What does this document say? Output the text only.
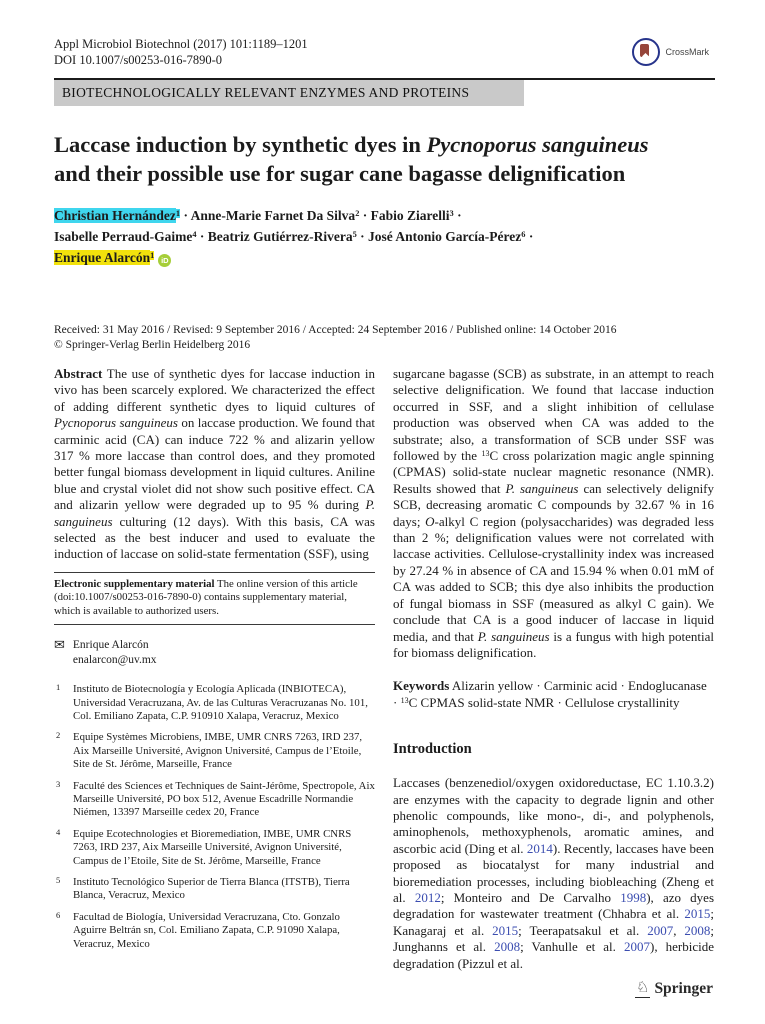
Appl Microbiol Biotechnol (2017) 101:1189–1201
DOI 10.1007/s00253-016-7890-0
CrossMark
BIOTECHNOLOGICALLY RELEVANT ENZYMES AND PROTEINS
Laccase induction by synthetic dyes in Pycnoporus sanguineus
and their possible use for sugar cane bagasse delignification
Christian Hernández$^1$ · Anne-Marie Farnet Da Silva$^2$ · Fabio Ziarelli$^3$ ·
Isabelle Perraud-Gaime$^4$ · Beatriz Gutiérrez-Rivera$^5$ · José Antonio García-Pérez$^6$ ·
Enrique Alarcón$^1$iD
Received: 31 May 2016 / Revised: 9 September 2016 / Accepted: 24 September 2016 / Published online: 14 October 2016
© Springer-Verlag Berlin Heidelberg 2016

Abstract The use of synthetic dyes for laccase induction in vivo has been scarcely explored. We characterized the effect of adding different synthetic dyes to liquid cultures of Pycnoporus sanguineus on laccase production. We found that carminic acid (CA) can induce 722 % and alizarin yellow 317 % more laccase than control does, and they promoted better fungal biomass development in liquid cultures. Aniline blue and crystal violet did not show such positive effect. CA and alizarin yellow were degraded up to 95 % during P. sanguineus culturing (12 days). With this basis, CA was selected as the best inducer and used to evaluate the induction of laccase on solid-state fermentation (SSF), using

Electronic supplementary material The online version of this article (doi:10.1007/s00253-016-7890-0) contains supplementary material, which is available to authorized users.

✉ Enrique Alarcón
enalarcon@uv.mx
1 Instituto de Biotecnología y Ecología Aplicada (INBIOTECA), Universidad Veracruzana, Av. de las Culturas Veracruzanas No. 101, Col. Emiliano Zapata, C.P. 910910 Xalapa, Veracruz, Mexico
2 Equipe Systèmes Microbiens, IMBE, UMR CNRS 7263, IRD 237, Aix Marseille Université, Avignon Université, Campus de l’Etoile, Site de St. Jérôme, Marseille, France
3 Faculté des Sciences et Techniques de Saint-Jérôme, Spectropole, Aix Marseille Université, PO box 512, Avenue Escadrille Normandie Niémen, 13397 Marseille cedex 20, France
4 Equipe Ecotechnologies et Bioremediation, IMBE, UMR CNRS 7263, IRD 237, Aix Marseille Université, Avignon Université, Campus de l’Etoile, Site de St. Jérôme, Marseille, France
5 Instituto Tecnológico Superior de Tierra Blanca (ITSTB), Tierra Blanca, Veracruz, Mexico
6 Facultad de Biología, Universidad Veracruzana, Cto. Gonzalo Aguirre Beltrán sn, Col. Emiliano Zapata, C.P. 91090 Xalapa, Veracruz, Mexico

sugarcane bagasse (SCB) as substrate, in an attempt to reach selective delignification. We found that laccase induction occurred in SSF, and a slight inhibition of cellulase production was observed when CA was added to the substrate; also, a transformation of SCB under SSF was followed by the $^{13}$C cross polarization magic angle spinning (CPMAS) solid-state nuclear magnetic resonance (NMR). Results showed that P. sanguineus can selectively delignify SCB, decreasing aromatic C compounds by 32.67 % in 16 days; O-alkyl C region (polysaccharides) was degraded less than 2 %; delignification values were not correlated with laccase activities. Cellulose-crystallinity index was increased by 27.24 % in absence of CA and 15.94 % when 0.01 mM of CA was added to SCB; this dye also inhibits the production of fungal biomass in SSF (measured as alkyl C gain). We conclude that CA is a good inducer of laccase in liquid media, and that P. sanguineus is a fungus with high potential for biomass delignification.

Keywords Alizarin yellow · Carminic acid · Endoglucanase · $^{13}$C CPMAS solid-state NMR · Cellulose crystallinity

Introduction

Laccases (benzenediol/oxygen oxidoreductase, EC 1.10.3.2) are enzymes with the capacity to degrade lignin and other phenolic compounds, like mono-, di-, and polyphenols, aminophenols, methoxyphenols, aromatic amines, and ascorbic acid (Ding et al. 2014). Recently, laccases have been proposed as biocatalyst for many industrial and bioremediation processes, including biobleaching (Zheng et al. 2012; Monteiro and De Carvalho 1998), azo dyes degradation for wastewater treatment (Chhabra et al. 2015; Kanagaraj et al. 2015; Teerapatsakul et al. 2007, 2008; Junghanns et al. 2008; Vanhulle et al. 2007), herbicide degradation (Pizzul et al.

♘ Springer
